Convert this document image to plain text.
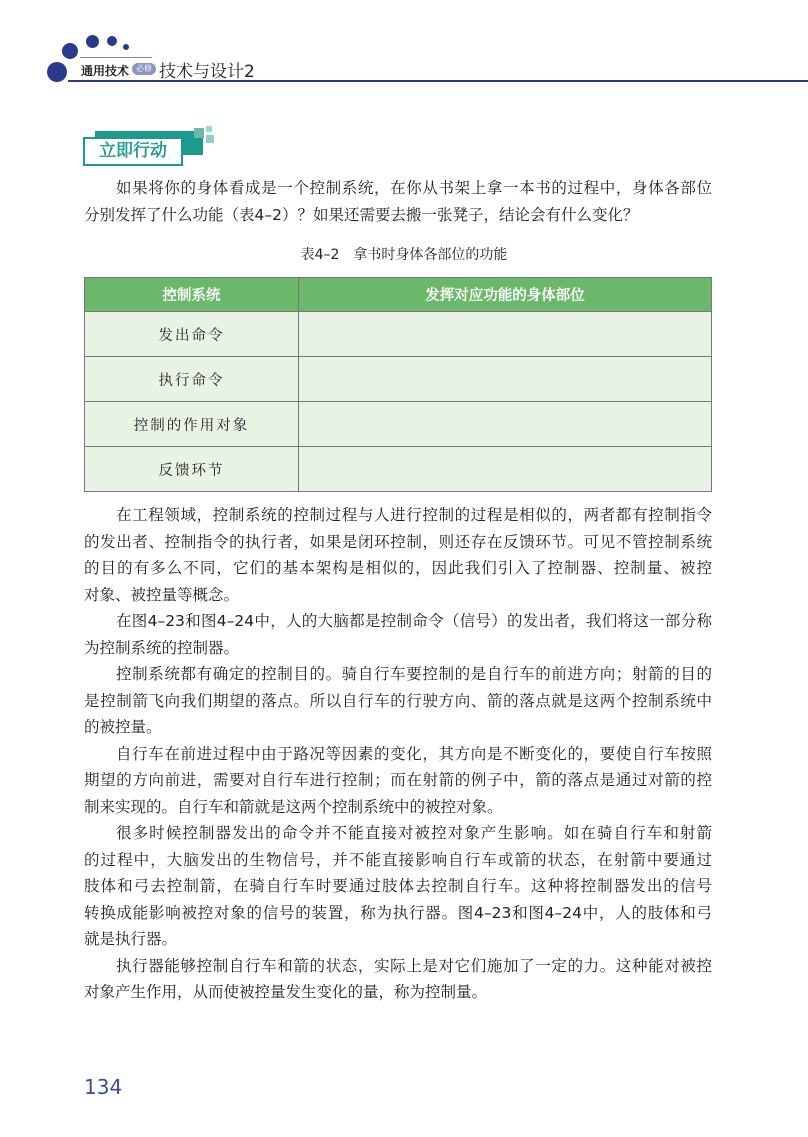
通用技术 必修 技术与设计2
立即行动
如果将你的身体看成是一个控制系统，在你从书架上拿一本书的过程中，身体各部位
分别发挥了什么功能（表4–2）？如果还需要去搬一张凳子，结论会有什么变化？
表4–2　拿书时身体各部位的功能
控制系统	发挥对应功能的身体部位
发出命令	
执行命令	
控制的作用对象	
反馈环节	
在工程领域，控制系统的控制过程与人进行控制的过程是相似的，两者都有控制指令
的发出者、控制指令的执行者，如果是闭环控制，则还存在反馈环节。可见不管控制系统
的目的有多么不同，它们的基本架构是相似的，因此我们引入了控制器、控制量、被控
对象、被控量等概念。
在图4–23和图4–24中，人的大脑都是控制命令（信号）的发出者，我们将这一部分称
为控制系统的控制器。
控制系统都有确定的控制目的。骑自行车要控制的是自行车的前进方向；射箭的目的
是控制箭飞向我们期望的落点。所以自行车的行驶方向、箭的落点就是这两个控制系统中
的被控量。
自行车在前进过程中由于路况等因素的变化，其方向是不断变化的，要使自行车按照
期望的方向前进，需要对自行车进行控制；而在射箭的例子中，箭的落点是通过对箭的控
制来实现的。自行车和箭就是这两个控制系统中的被控对象。
很多时候控制器发出的命令并不能直接对被控对象产生影响。如在骑自行车和射箭
的过程中，大脑发出的生物信号，并不能直接影响自行车或箭的状态，在射箭中要通过
肢体和弓去控制箭，在骑自行车时要通过肢体去控制自行车。这种将控制器发出的信号
转换成能影响被控对象的信号的装置，称为执行器。图4–23和图4–24中，人的肢体和弓
就是执行器。
执行器能够控制自行车和箭的状态，实际上是对它们施加了一定的力。这种能对被控
对象产生作用，从而使被控量发生变化的量，称为控制量。
134
